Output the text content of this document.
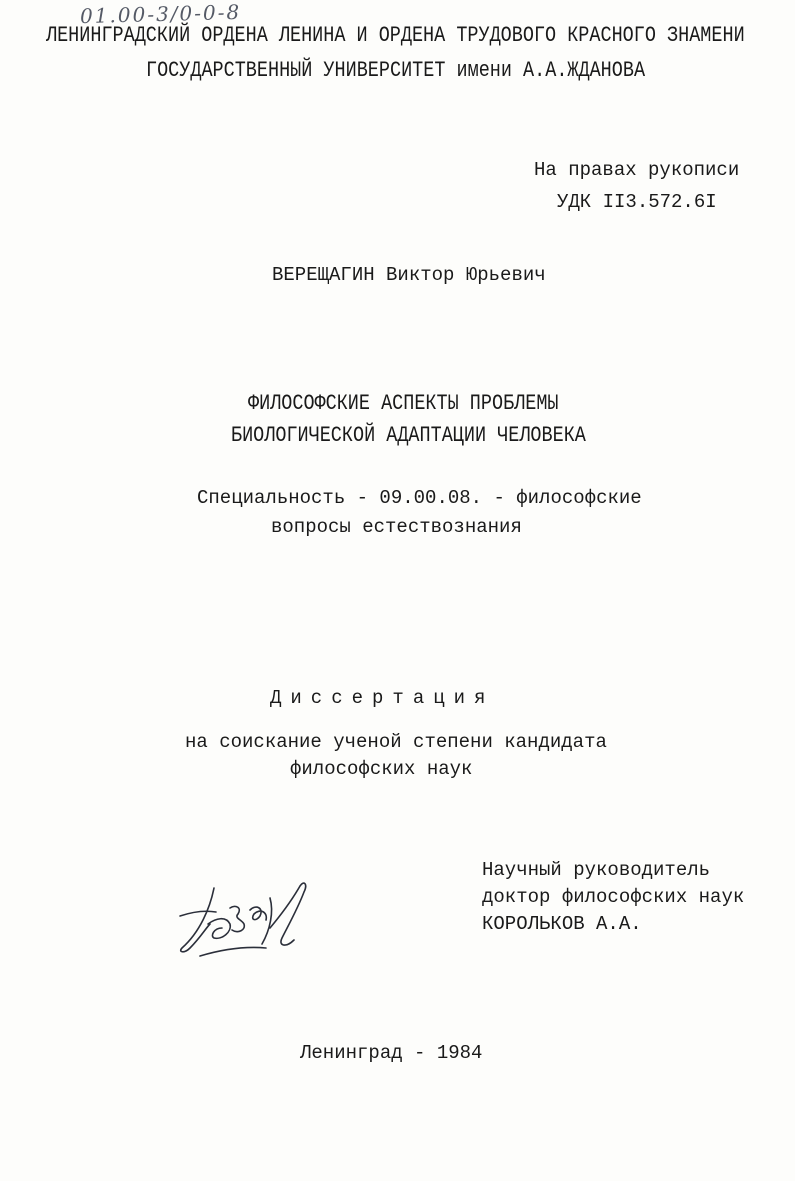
01.00-3/0-0-8
ЛЕНИНГРАДСКИЙ ОРДЕНА ЛЕНИНА И ОРДЕНА ТРУДОВОГО КРАСНОГО ЗНАМЕНИ
ГОСУДАРСТВЕННЫЙ УНИВЕРСИТЕТ имени А.А.ЖДАНОВА
На правах рукописи
УДК II3.572.6I
ВЕРЕЩАГИН Виктор Юрьевич
ФИЛОСОФСКИЕ АСПЕКТЫ ПРОБЛЕМЫ
БИОЛОГИЧЕСКОЙ АДАПТАЦИИ ЧЕЛОВЕКА
Специальность - 09.00.08. - философские
вопросы естествознания
Диссертация
на соискание ученой степени кандидата
философских наук
Научный руководитель
доктор философских наук
КОРОЛЬКОВ А.А.
Ленинград - 1984
